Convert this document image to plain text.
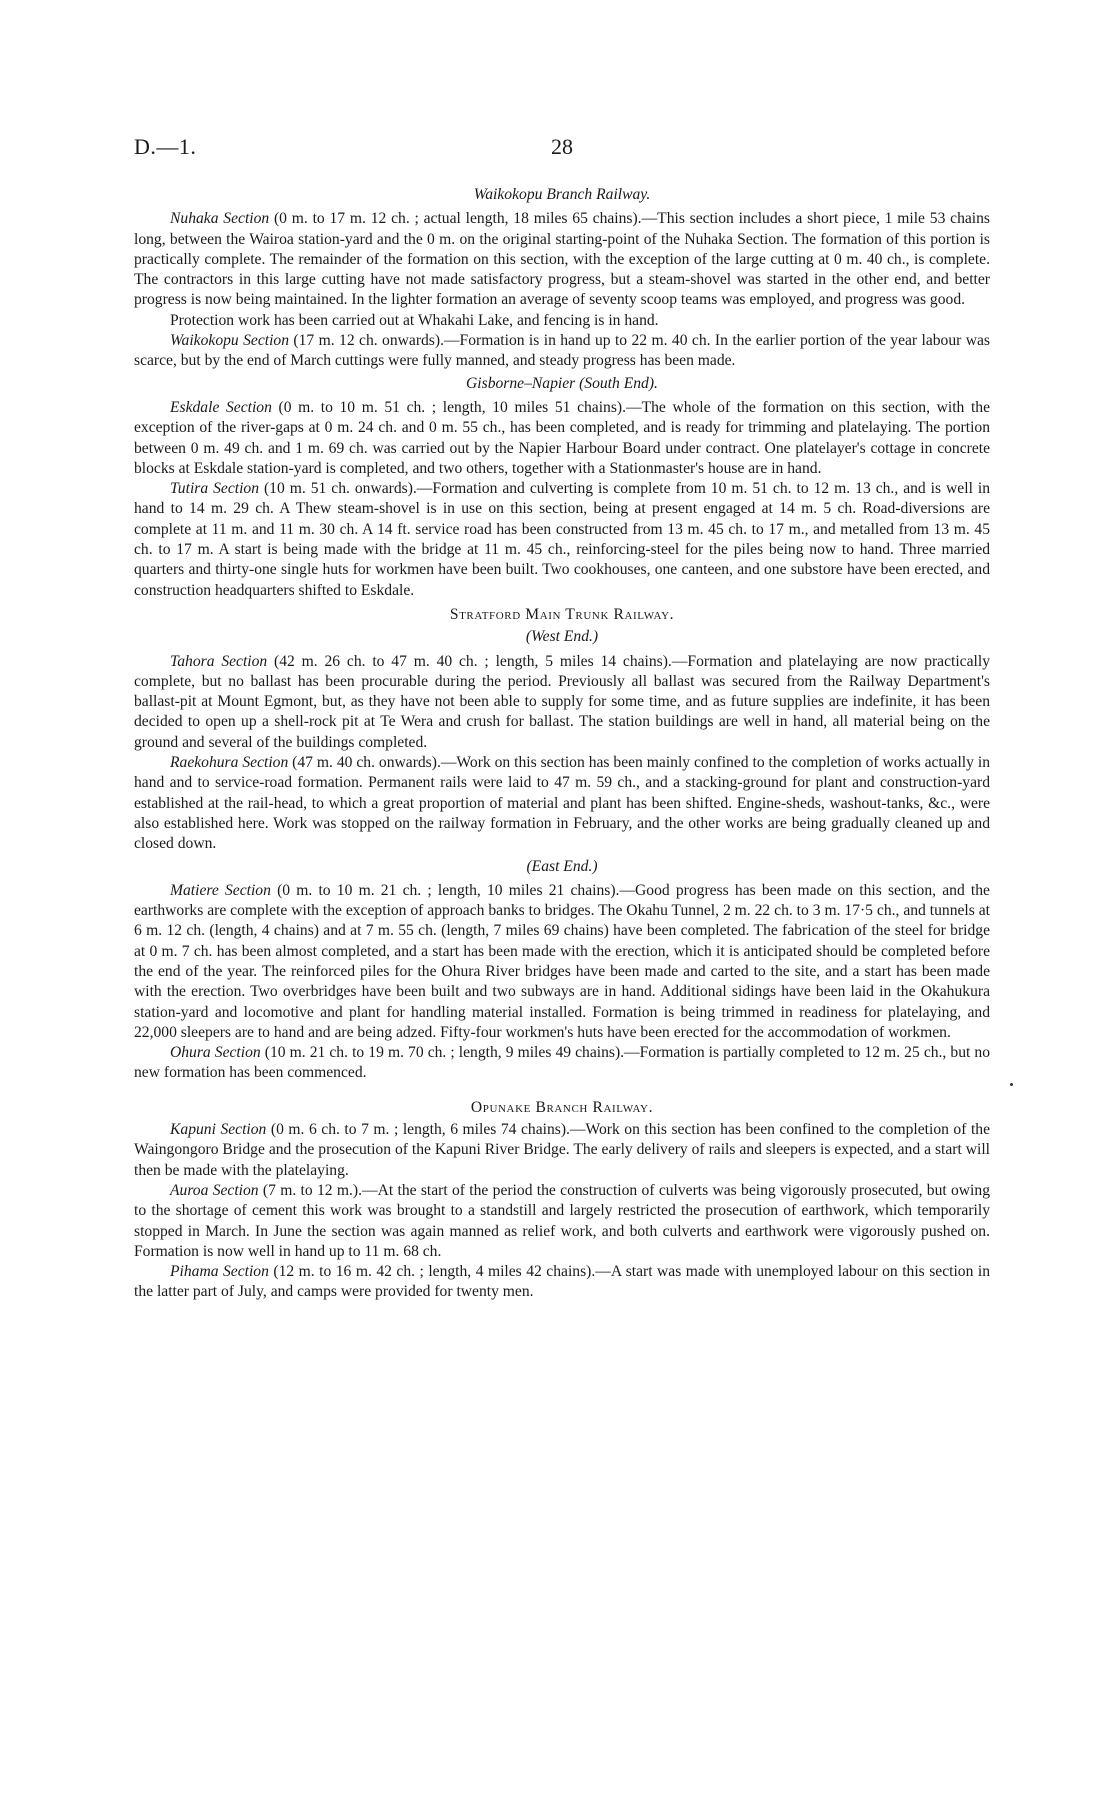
D.—1.	28
Waikokopu Branch Railway.

Nuhaka Section (0 m. to 17 m. 12 ch. ; actual length, 18 miles 65 chains).—This section includes a short piece, 1 mile 53 chains long, between the Wairoa station-yard and the 0 m. on the original starting-point of the Nuhaka Section. The formation of this portion is practically complete. The remainder of the formation on this section, with the exception of the large cutting at 0 m. 40 ch., is complete. The contractors in this large cutting have not made satisfactory progress, but a steam-shovel was started in the other end, and better progress is now being maintained. In the lighter formation an average of seventy scoop teams was employed, and progress was good.

Protection work has been carried out at Whakahi Lake, and fencing is in hand.

Waikokopu Section (17 m. 12 ch. onwards).—Formation is in hand up to 22 m. 40 ch. In the earlier portion of the year labour was scarce, but by the end of March cuttings were fully manned, and steady progress has been made.

Gisborne–Napier (South End).

Eskdale Section (0 m. to 10 m. 51 ch. ; length, 10 miles 51 chains).—The whole of the formation on this section, with the exception of the river-gaps at 0 m. 24 ch. and 0 m. 55 ch., has been completed, and is ready for trimming and platelaying. The portion between 0 m. 49 ch. and 1 m. 69 ch. was carried out by the Napier Harbour Board under contract. One platelayer's cottage in concrete blocks at Eskdale station-yard is completed, and two others, together with a Stationmaster's house are in hand.

Tutira Section (10 m. 51 ch. onwards).—Formation and culverting is complete from 10 m. 51 ch. to 12 m. 13 ch., and is well in hand to 14 m. 29 ch. A Thew steam-shovel is in use on this section, being at present engaged at 14 m. 5 ch. Road-diversions are complete at 11 m. and 11 m. 30 ch. A 14 ft. service road has been constructed from 13 m. 45 ch. to 17 m., and metalled from 13 m. 45 ch. to 17 m. A start is being made with the bridge at 11 m. 45 ch., reinforcing-steel for the piles being now to hand. Three married quarters and thirty-one single huts for workmen have been built. Two cookhouses, one canteen, and one substore have been erected, and construction headquarters shifted to Eskdale.

Stratford Main Trunk Railway.
(West End.)

Tahora Section (42 m. 26 ch. to 47 m. 40 ch. ; length, 5 miles 14 chains).—Formation and platelaying are now practically complete, but no ballast has been procurable during the period. Previously all ballast was secured from the Railway Department's ballast-pit at Mount Egmont, but, as they have not been able to supply for some time, and as future supplies are indefinite, it has been decided to open up a shell-rock pit at Te Wera and crush for ballast. The station buildings are well in hand, all material being on the ground and several of the buildings completed.

Raekohura Section (47 m. 40 ch. onwards).—Work on this section has been mainly confined to the completion of works actually in hand and to service-road formation. Permanent rails were laid to 47 m. 59 ch., and a stacking-ground for plant and construction-yard established at the rail-head, to which a great proportion of material and plant has been shifted. Engine-sheds, washout-tanks, &c., were also established here. Work was stopped on the railway formation in February, and the other works are being gradually cleaned up and closed down.

(East End.)

Matiere Section (0 m. to 10 m. 21 ch. ; length, 10 miles 21 chains).—Good progress has been made on this section, and the earthworks are complete with the exception of approach banks to bridges. The Okahu Tunnel, 2 m. 22 ch. to 3 m. 17·5 ch., and tunnels at 6 m. 12 ch. (length, 4 chains) and at 7 m. 55 ch. (length, 7 miles 69 chains) have been completed. The fabrication of the steel for bridge at 0 m. 7 ch. has been almost completed, and a start has been made with the erection, which it is anticipated should be completed before the end of the year. The reinforced piles for the Ohura River bridges have been made and carted to the site, and a start has been made with the erection. Two overbridges have been built and two subways are in hand. Additional sidings have been laid in the Okahukura station-yard and locomotive and plant for handling material installed. Formation is being trimmed in readiness for platelaying, and 22,000 sleepers are to hand and are being adzed. Fifty-four workmen's huts have been erected for the accommodation of workmen.

Ohura Section (10 m. 21 ch. to 19 m. 70 ch. ; length, 9 miles 49 chains).—Formation is partially completed to 12 m. 25 ch., but no new formation has been commenced.

Opunake Branch Railway.

Kapuni Section (0 m. 6 ch. to 7 m. ; length, 6 miles 74 chains).—Work on this section has been confined to the completion of the Waingongoro Bridge and the prosecution of the Kapuni River Bridge. The early delivery of rails and sleepers is expected, and a start will then be made with the platelaying.

Auroa Section (7 m. to 12 m.).—At the start of the period the construction of culverts was being vigorously prosecuted, but owing to the shortage of cement this work was brought to a standstill and largely restricted the prosecution of earthwork, which temporarily stopped in March. In June the section was again manned as relief work, and both culverts and earthwork were vigorously pushed on. Formation is now well in hand up to 11 m. 68 ch.

Pihama Section (12 m. to 16 m. 42 ch. ; length, 4 miles 42 chains).—A start was made with unemployed labour on this section in the latter part of July, and camps were provided for twenty men.
